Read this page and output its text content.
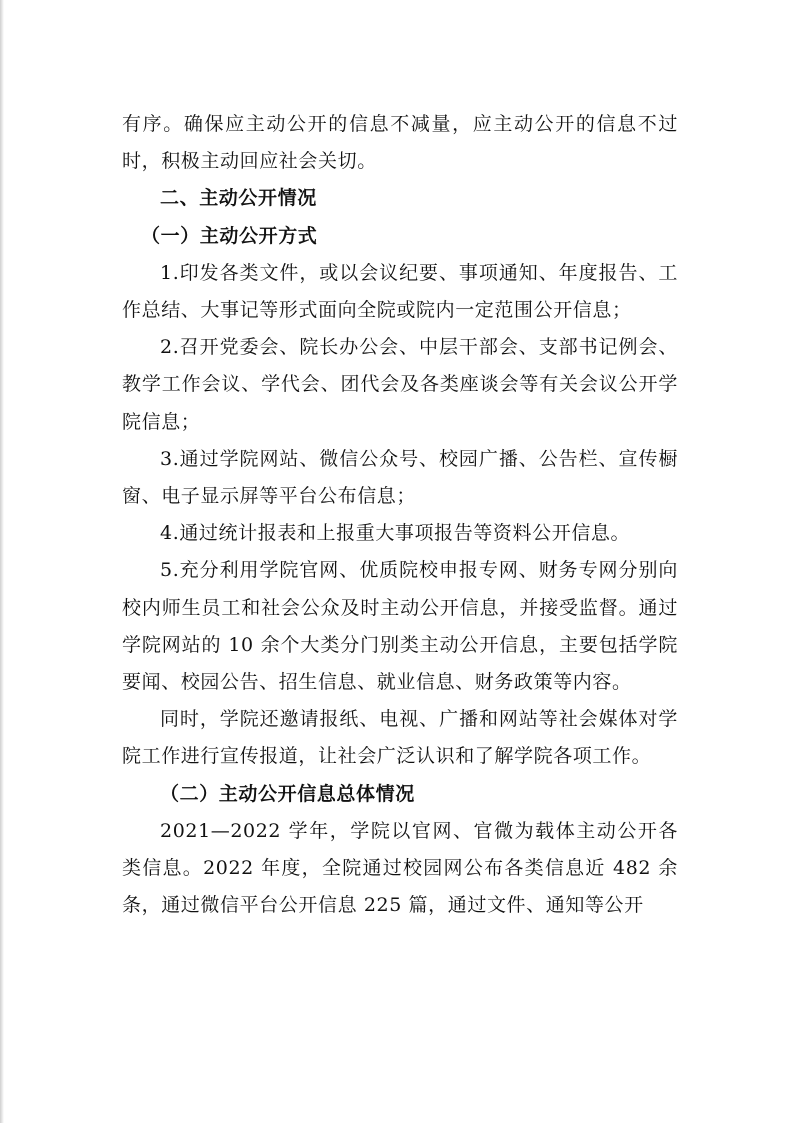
有序。确保应主动公开的信息不减量，应主动公开的信息不过时，积极主动回应社会关切。

二、主动公开情况

（一）主动公开方式

1.印发各类文件，或以会议纪要、事项通知、年度报告、工作总结、大事记等形式面向全院或院内一定范围公开信息；

2.召开党委会、院长办公会、中层干部会、支部书记例会、教学工作会议、学代会、团代会及各类座谈会等有关会议公开学院信息；

3.通过学院网站、微信公众号、校园广播、公告栏、宣传橱窗、电子显示屏等平台公布信息；

4.通过统计报表和上报重大事项报告等资料公开信息。

5.充分利用学院官网、优质院校申报专网、财务专网分别向校内师生员工和社会公众及时主动公开信息，并接受监督。通过学院网站的 10 余个大类分门别类主动公开信息，主要包括学院要闻、校园公告、招生信息、就业信息、财务政策等内容。

同时，学院还邀请报纸、电视、广播和网站等社会媒体对学院工作进行宣传报道，让社会广泛认识和了解学院各项工作。

（二）主动公开信息总体情况

2021—2022 学年，学院以官网、官微为载体主动公开各类信息。2022 年度，全院通过校园网公布各类信息近 482 余条，通过微信平台公开信息 225 篇，通过文件、通知等公开
